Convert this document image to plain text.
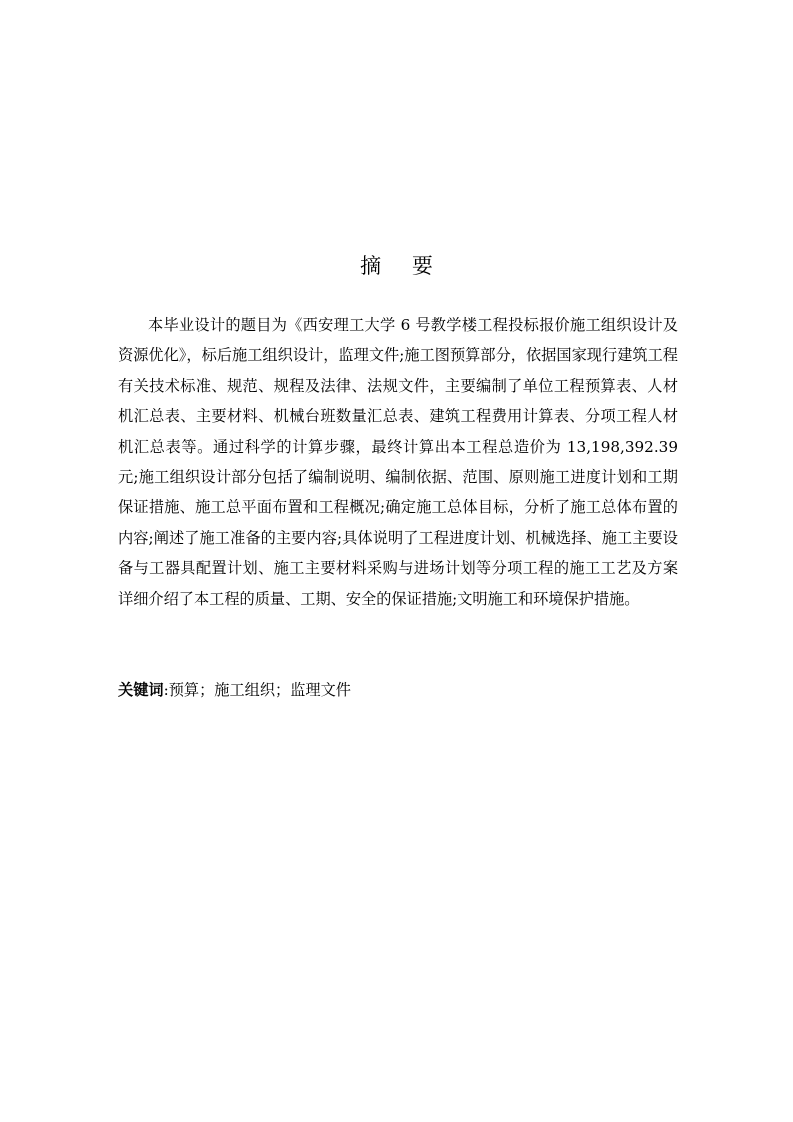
摘 要

本毕业设计的题目为《西安理工大学 6 号教学楼工程投标报价施工组织设计及资源优化》，标后施工组织设计，监理文件;施工图预算部分，依据国家现行建筑工程有关技术标准、规范、规程及法律、法规文件，主要编制了单位工程预算表、人材机汇总表、主要材料、机械台班数量汇总表、建筑工程费用计算表、分项工程人材机汇总表等。通过科学的计算步骤，最终计算出本工程总造价为 13,198,392.39 元;施工组织设计部分包括了编制说明、编制依据、范围、原则施工进度计划和工期保证措施、施工总平面布置和工程概况;确定施工总体目标，分析了施工总体布置的内容;阐述了施工准备的主要内容;具体说明了工程进度计划、机械选择、施工主要设备与工器具配置计划、施工主要材料采购与进场计划等分项工程的施工工艺及方案详细介绍了本工程的质量、工期、安全的保证措施;文明施工和环境保护措施。

关键词:预算；施工组织；监理文件
